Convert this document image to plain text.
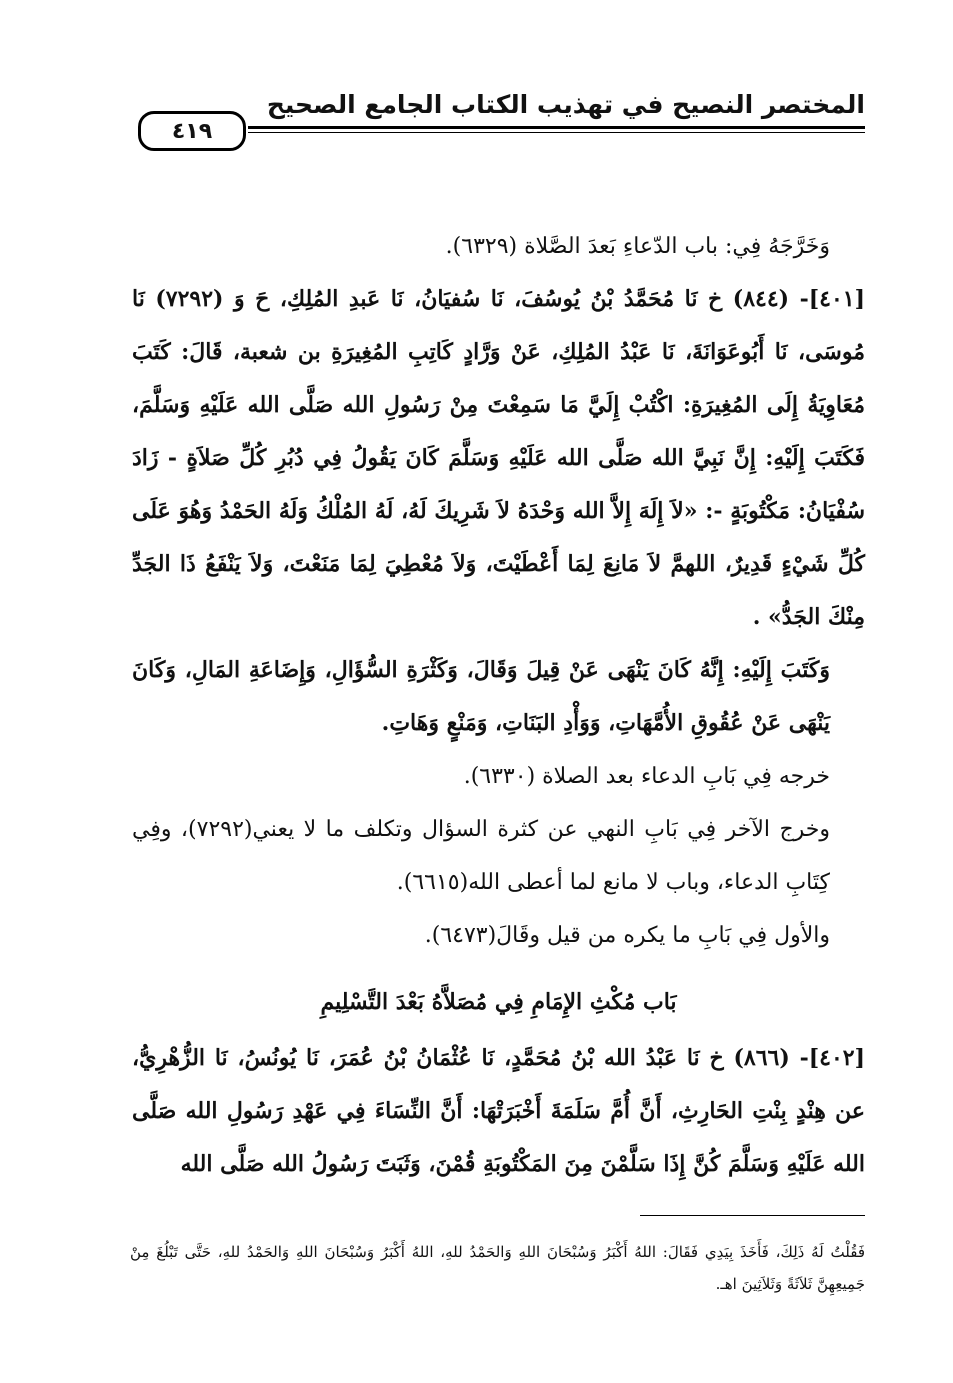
المختصر النصيح في تهذيب الكتاب الجامع الصحيح
٤١٩

وَخَرَّجَهُ فِي: باب الدّعاءِ بَعدَ الصَّلاة (٦٣٢٩).

[٤٠١]- (٨٤٤) خ نَا مُحَمَّدُ بْنُ يُوسُفَ، نَا سُفيَانُ، نَا عَبدِ المُلِكِ، حَ وَ (٧٢٩٢) نَا مُوسَى، نَا أَبُوعَوَانَةَ، نَا عَبْدُ المُلِكِ، عَنْ وَرَّادٍ كَاتِبِ المُغِيرَةِ بن شعبة، قَالَ: كَتَبَ مُعَاوِيَةُ إِلَى المُغِيرَةِ: اكْتُبْ إِلَيَّ مَا سَمِعْتَ مِنْ رَسُولِ الله صَلَّى الله عَلَيْهِ وَسَلَّمَ، فَكَتَبَ إِلَيْهِ: إِنَّ نَبِيَّ الله صَلَّى الله عَلَيْهِ وَسَلَّمَ كَانَ يَقُولُ فِي دُبُرِ كُلِّ صَلاَةٍ - زَادَ سُفْيَانُ: مَكْتُوبَةٍ -: «لاَ إِلَهَ إِلاَّ الله وَحْدَهُ لاَ شَرِيكَ لَهُ، لَهُ المُلْكُ وَلَهُ الحَمْدُ وَهُوَ عَلَى كُلِّ شَيْءٍ قَدِيرٌ، اللهمَّ لاَ مَانِعَ لِمَا أَعْطَيْتَ، وَلاَ مُعْطِيَ لِمَا مَنَعْتَ، وَلاَ يَنْفَعُ ذَا الجَدِّ مِنْكَ الجَدُّ» .

وَكَتَبَ إِلَيْهِ: إِنَّهُ كَانَ يَنْهَى عَنْ قِيلَ وَقَالَ، وَكَثْرَةِ السُّؤَالِ، وَإِضَاعَةِ المَالِ، وَكَانَ يَنْهَى عَنْ عُقُوقِ الأُمَّهَاتِ، وَوَأْدِ البَنَاتِ، وَمَنْعٍ وَهَاتِ.

خرجه فِي بَابِ الدعاء بعد الصلاة (٦٣٣٠).

وخرج الآخر فِي بَابِ النهي عن كثرة السؤال وتكلف ما لا يعني(٧٢٩٢)، وفِي كِتَابِ الدعاء، وباب لا مانع لما أعطى الله(٦٦١٥).

والأول فِي بَابِ ما يكره من قيل وقَالَ(٦٤٧٣).

بَاب مُكْثِ الإِمَامِ فِي مُصَلاَّهُ بَعْدَ التَّسْلِيمِ

[٤٠٢]- (٨٦٦) خ نَا عَبْدُ الله بْنُ مُحَمَّدٍ، نَا عُثْمَانُ بْنُ عُمَرَ، نَا يُونُسُ، نَا الزُّهْرِيُّ، عن هِنْدٍ بِنْتِ الحَارِثِ، أَنَّ أُمَّ سَلَمَةَ أَخْبَرَتْهَا: أَنَّ النِّسَاءَ فِي عَهْدِ رَسُولِ الله صَلَّى الله عَلَيْهِ وَسَلَّمَ كُنَّ إِذَا سَلَّمْنَ مِنَ المَكْتُوبَةِ قُمْنَ، وَثَبَتَ رَسُولُ الله صَلَّى الله

فَقُلْتُ لَهُ ذَلِكَ، فَأَخَذَ بِيَدِي فَقَالَ: اللهُ أَكْبَرُ وَسُبْحَانَ اللهِ وَالحَمْدُ للهِ، اللهُ أَكْبَرُ وَسُبْحَانَ اللهِ وَالحَمْدُ للهِ، حَتَّى تَبْلُغَ مِنْ جَمِيعِهِنَّ ثَلاَثَةً وَثَلاَثِينَ اهـ.
